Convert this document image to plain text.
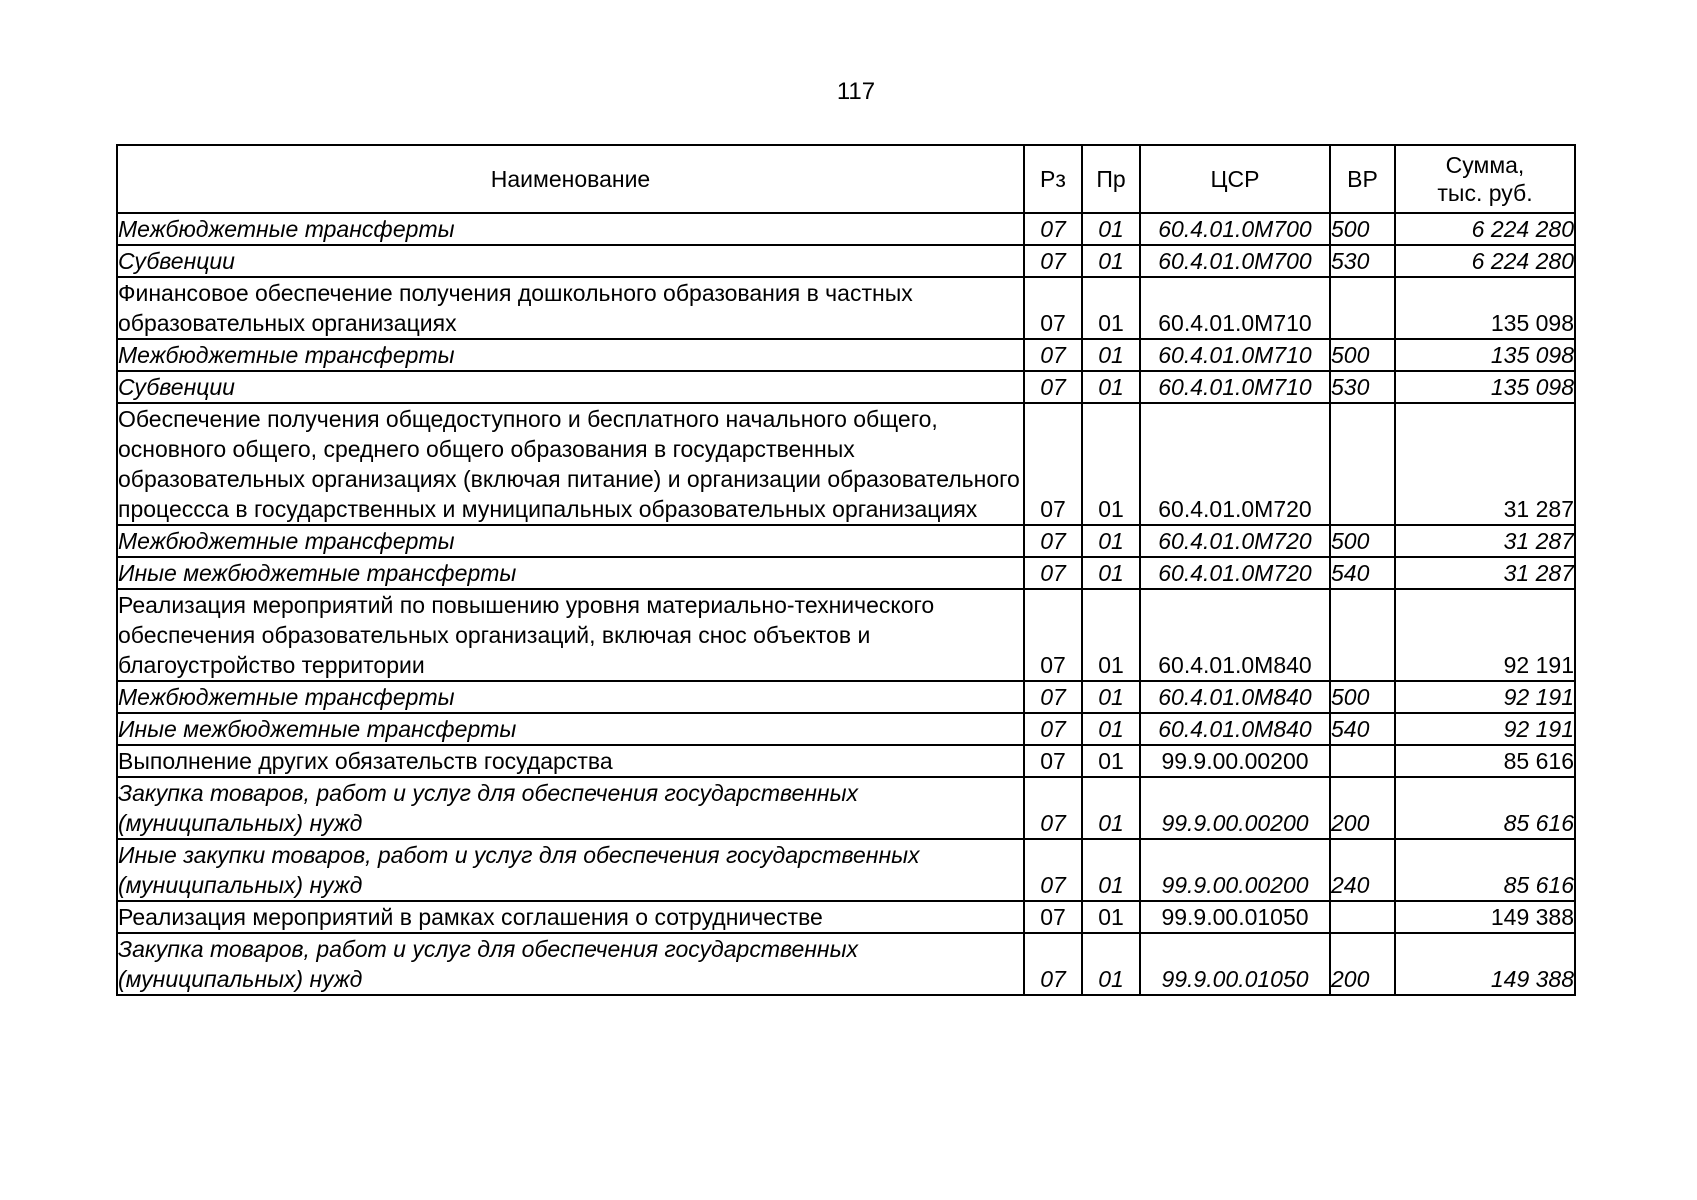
117
Наименование	Рз	Пр	ЦСР	ВР	Сумма,
тыс. руб.
Межбюджетные трансферты	07	01	60.4.01.0М700	500	6 224 280
Субвенции	07	01	60.4.01.0М700	530	6 224 280
Финансовое обеспечение получения дошкольного образования в частных образовательных организациях	07	01	60.4.01.0М710		135 098
Межбюджетные трансферты	07	01	60.4.01.0М710	500	135 098
Субвенции	07	01	60.4.01.0М710	530	135 098
Обеспечение получения общедоступного и бесплатного начального общего, основного общего, среднего общего образования в государственных образовательных организациях (включая питание) и организации образовательного процессса в государственных и муниципальных образовательных организациях	07	01	60.4.01.0М720		31 287
Межбюджетные трансферты	07	01	60.4.01.0М720	500	31 287
Иные межбюджетные трансферты	07	01	60.4.01.0М720	540	31 287
Реализация мероприятий по повышению уровня материально-технического обеспечения образовательных организаций, включая снос объектов и благоустройство территории	07	01	60.4.01.0М840		92 191
Межбюджетные трансферты	07	01	60.4.01.0М840	500	92 191
Иные межбюджетные трансферты	07	01	60.4.01.0М840	540	92 191
Выполнение других обязательств государства	07	01	99.9.00.00200		85 616
Закупка товаров, работ и услуг для обеспечения государственных (муниципальных) нужд	07	01	99.9.00.00200	200	85 616
Иные закупки товаров, работ и услуг для обеспечения государственных (муниципальных) нужд	07	01	99.9.00.00200	240	85 616
Реализация мероприятий в рамках соглашения о сотрудничестве	07	01	99.9.00.01050		149 388
Закупка товаров, работ и услуг для обеспечения государственных (муниципальных) нужд	07	01	99.9.00.01050	200	149 388
